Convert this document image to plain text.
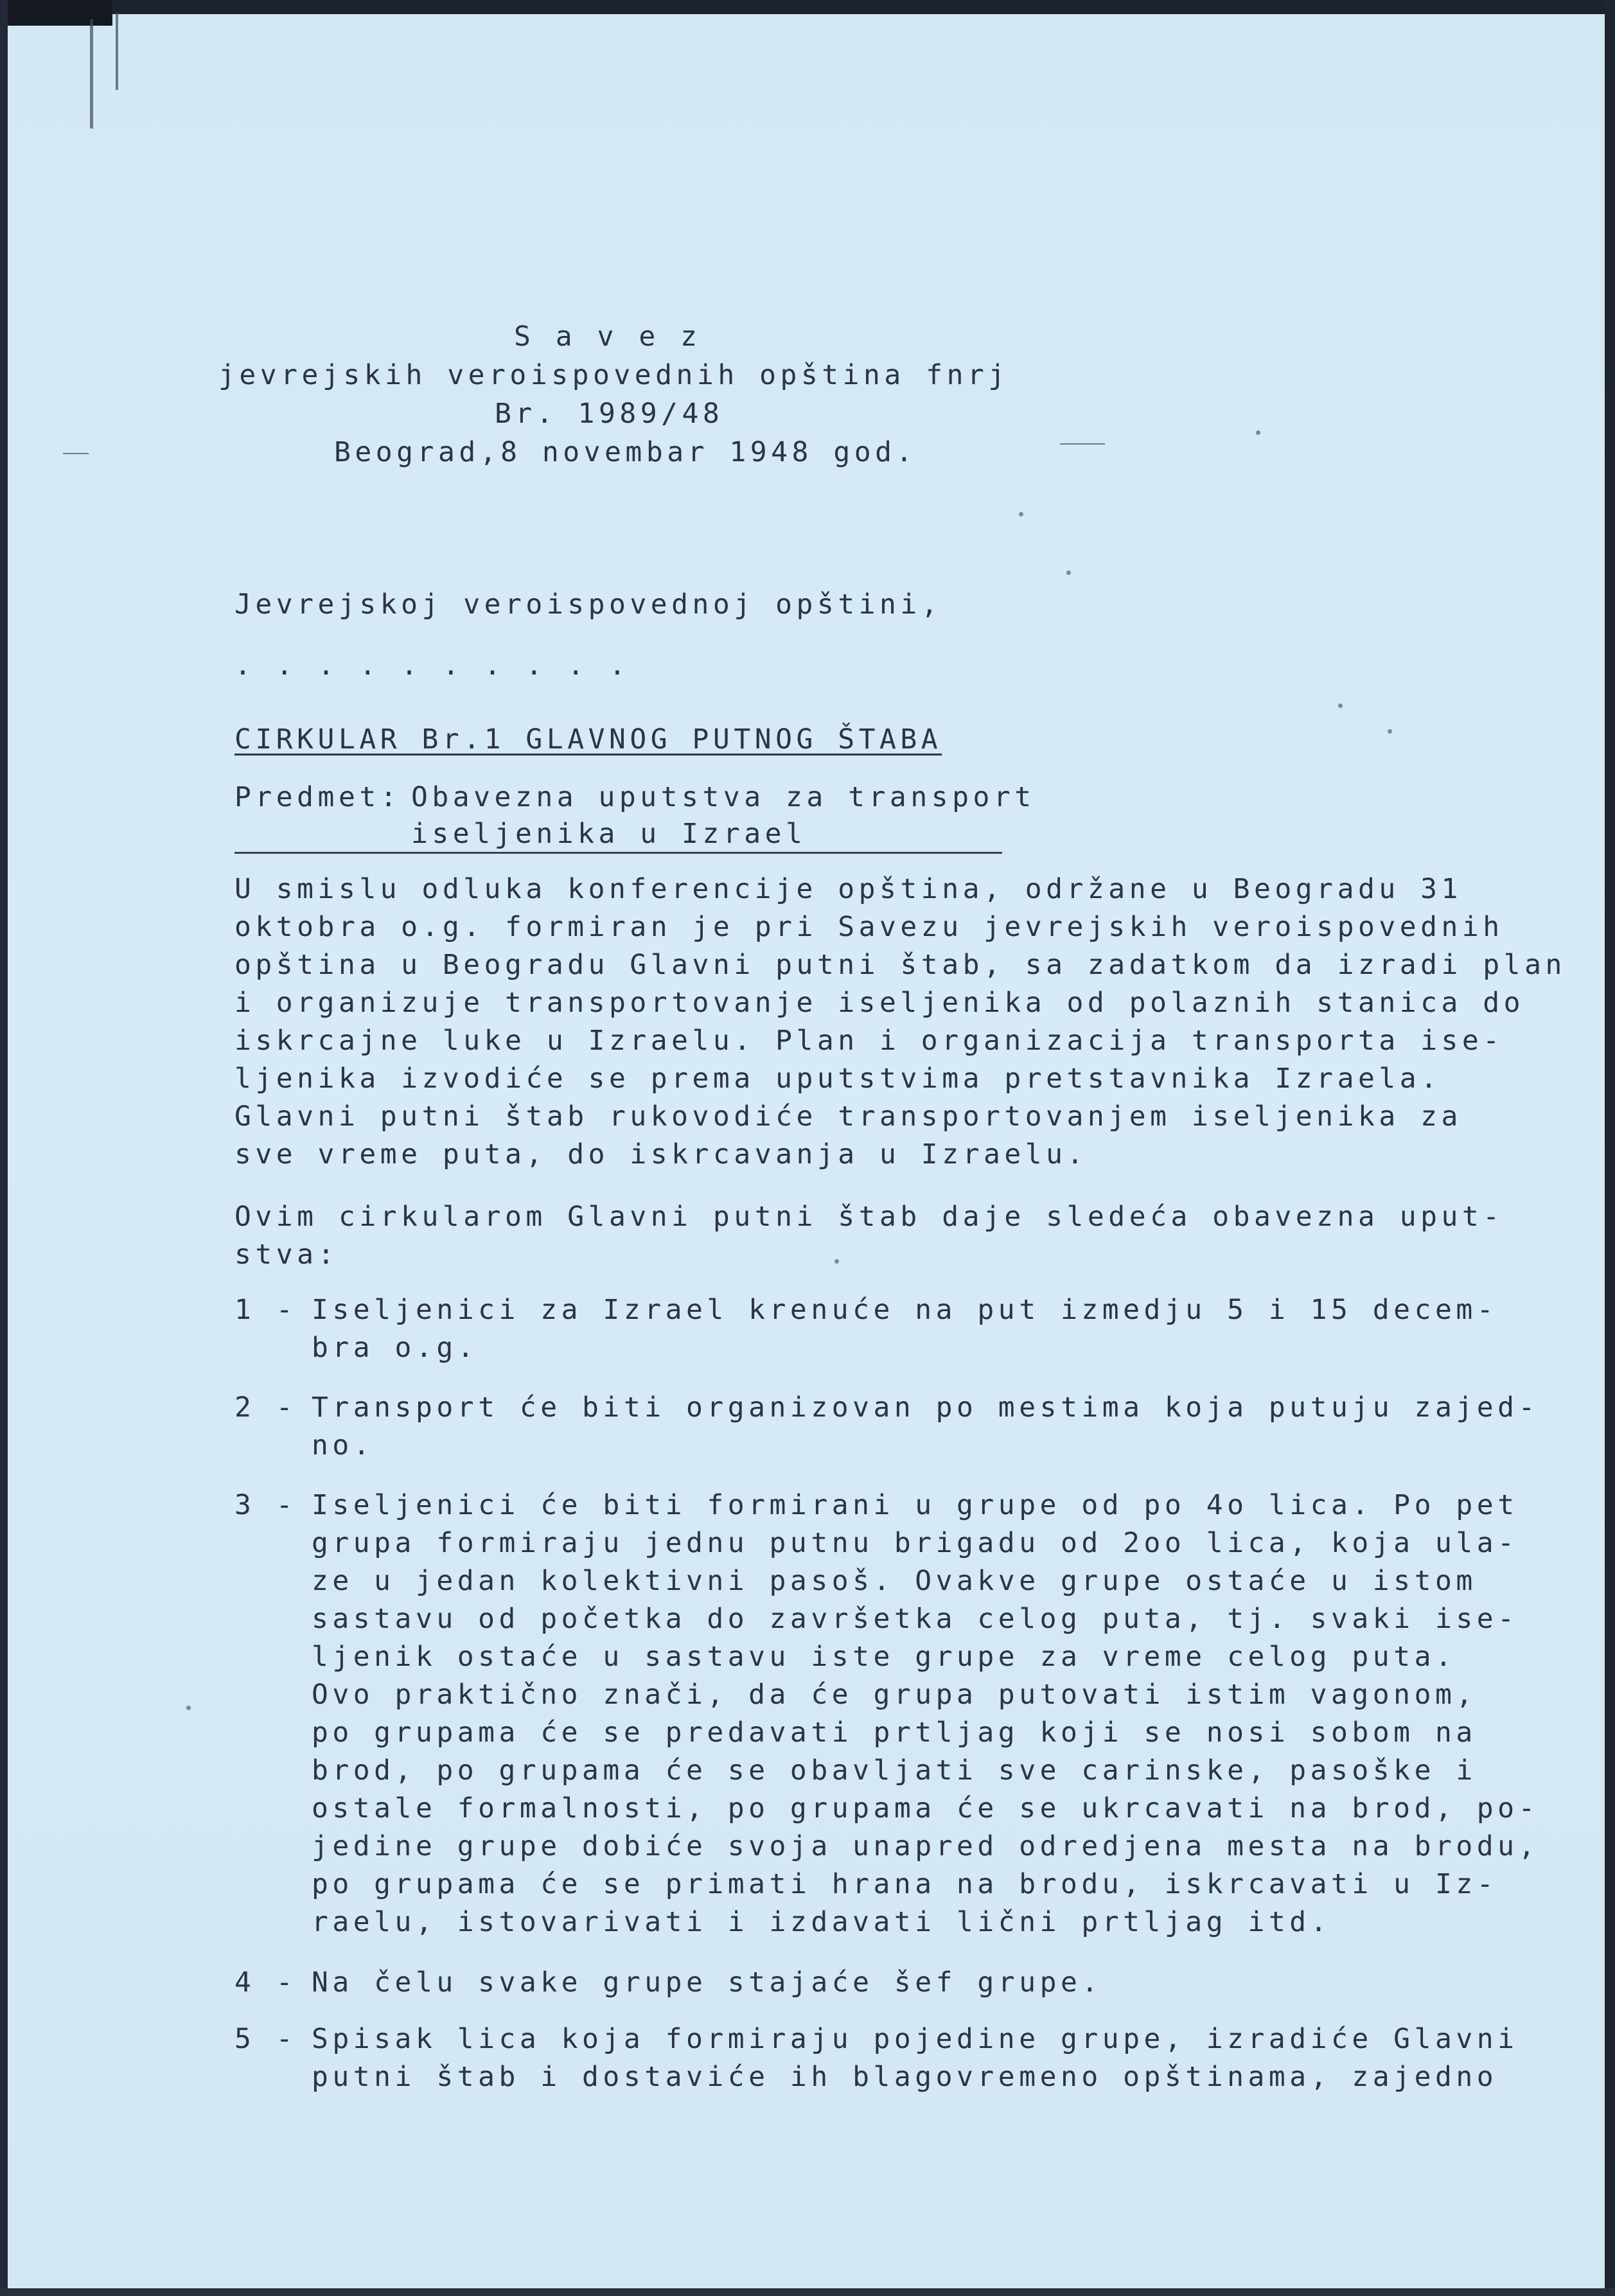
S a v e z
jevrejskih veroispovednih opština fnrj
Br. 1989/48
Beograd,8 novembar 1948 god.
Jevrejskoj veroispovednoj opštini,
. . . . . . . . . .
CIRKULAR Br.1 GLAVNOG PUTNOG ŠTABA
Predmet: Obavezna uputstva za transport
iseljenika u Izrael
U smislu odluka konferencije opština, održane u Beogradu 31
oktobra o.g. formiran je pri Savezu jevrejskih veroispovednih
opština u Beogradu Glavni putni štab, sa zadatkom da izradi plan
i organizuje transportovanje iseljenika od polaznih stanica do
iskrcajne luke u Izraelu. Plan i organizacija transporta ise-
ljenika izvodiće se prema uputstvima pretstavnika Izraela.
Glavni putni štab rukovodiće transportovanjem iseljenika za
sve vreme puta, do iskrcavanja u Izraelu.
Ovim cirkularom Glavni putni štab daje sledeća obavezna uput-
stva:
1 - Iseljenici za Izrael krenuće na put izmedju 5 i 15 decem-
bra o.g.
2 - Transport će biti organizovan po mestima koja putuju zajed-
no.
3 - Iseljenici će biti formirani u grupe od po 4o lica. Po pet
grupa formiraju jednu putnu brigadu od 2oo lica, koja ula-
ze u jedan kolektivni pasoš. Ovakve grupe ostaće u istom
sastavu od početka do završetka celog puta, tj. svaki ise-
ljenik ostaće u sastavu iste grupe za vreme celog puta.
Ovo praktično znači, da će grupa putovati istim vagonom,
po grupama će se predavati prtljag koji se nosi sobom na
brod, po grupama će se obavljati sve carinske, pasoške i
ostale formalnosti, po grupama će se ukrcavati na brod, po-
jedine grupe dobiće svoja unapred odredjena mesta na brodu,
po grupama će se primati hrana na brodu, iskrcavati u Iz-
raelu, istovarivati i izdavati lični prtljag itd.
4 - Na čelu svake grupe stajaće šef grupe.
5 - Spisak lica koja formiraju pojedine grupe, izradiće Glavni
putni štab i dostaviće ih blagovremeno opštinama, zajedno
